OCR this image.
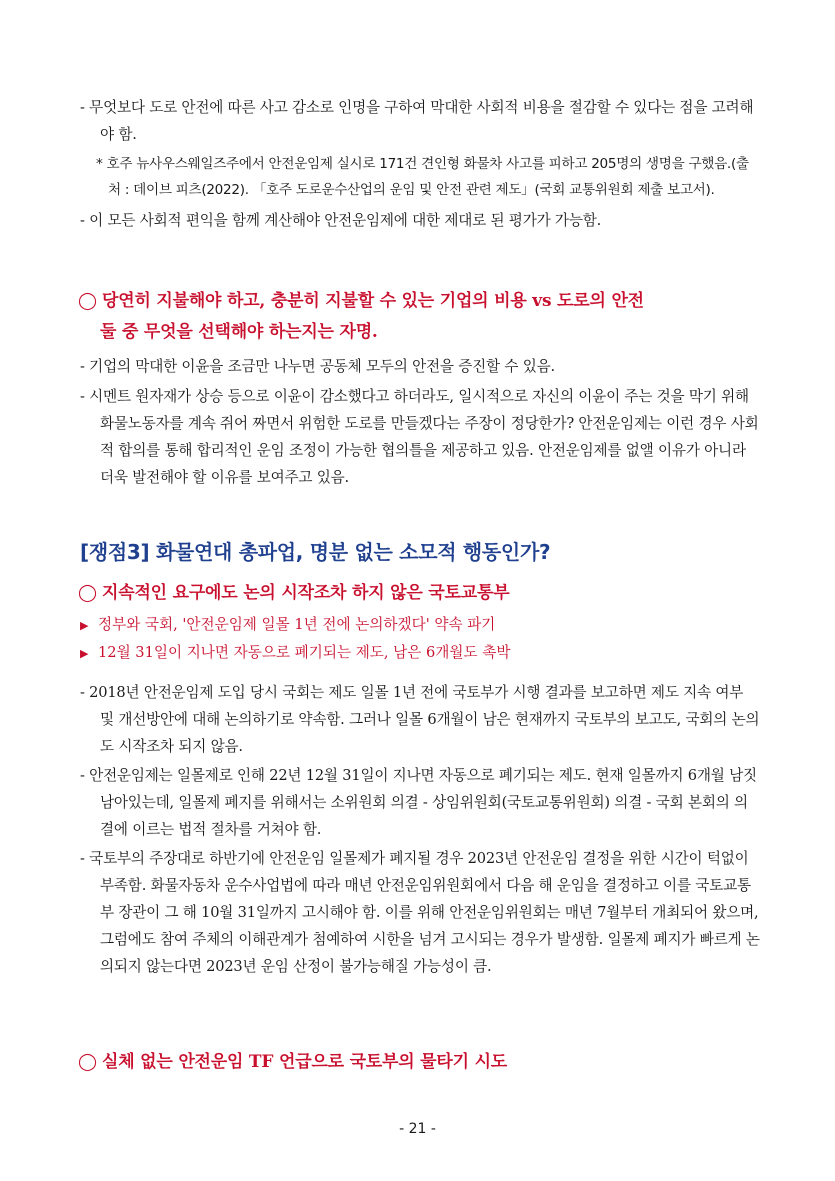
- 무엇보다 도로 안전에 따른 사고 감소로 인명을 구하여 막대한 사회적 비용을 절감할 수 있다는 점을 고려해야 함.

* 호주 뉴사우스웨일즈주에서 안전운임제 실시로 171건 견인형 화물차 사고를 피하고 205명의 생명을 구했음.(출처 : 데이브 피츠(2022). 「호주 도로운수산업의 운임 및 안전 관련 제도」(국회 교통위원회 제출 보고서).

- 이 모든 사회적 편익을 함께 계산해야 안전운임제에 대한 제대로 된 평가가 가능함.

◯ 당연히 지불해야 하고, 충분히 지불할 수 있는 기업의 비용 vs 도로의 안전
둘 중 무엇을 선택해야 하는지는 자명.

- 기업의 막대한 이윤을 조금만 나누면 공동체 모두의 안전을 증진할 수 있음.

- 시멘트 원자재가 상승 등으로 이윤이 감소했다고 하더라도, 일시적으로 자신의 이윤이 주는 것을 막기 위해 화물노동자를 계속 쥐어 짜면서 위험한 도로를 만들겠다는 주장이 정당한가? 안전운임제는 이런 경우 사회적 합의를 통해 합리적인 운임 조정이 가능한 협의틀을 제공하고 있음. 안전운임제를 없앨 이유가 아니라 더욱 발전해야 할 이유를 보여주고 있음.

[쟁점3] 화물연대 총파업, 명분 없는 소모적 행동인가?

◯ 지속적인 요구에도 논의 시작조차 하지 않은 국토교통부

▶ 정부와 국회, '안전운임제 일몰 1년 전에 논의하겠다' 약속 파기

▶ 12월 31일이 지나면 자동으로 폐기되는 제도, 남은 6개월도 촉박

- 2018년 안전운임제 도입 당시 국회는 제도 일몰 1년 전에 국토부가 시행 결과를 보고하면 제도 지속 여부 및 개선방안에 대해 논의하기로 약속함. 그러나 일몰 6개월이 남은 현재까지 국토부의 보고도, 국회의 논의도 시작조차 되지 않음.

- 안전운임제는 일몰제로 인해 22년 12월 31일이 지나면 자동으로 폐기되는 제도. 현재 일몰까지 6개월 남짓 남아있는데, 일몰제 폐지를 위해서는 소위원회 의결 - 상임위원회(국토교통위원회) 의결 - 국회 본회의 의결에 이르는 법적 절차를 거쳐야 함.

- 국토부의 주장대로 하반기에 안전운임 일몰제가 폐지될 경우 2023년 안전운임 결정을 위한 시간이 턱없이 부족함. 화물자동차 운수사업법에 따라 매년 안전운임위원회에서 다음 해 운임을 결정하고 이를 국토교통부 장관이 그 해 10월 31일까지 고시해야 함. 이를 위해 안전운임위원회는 매년 7월부터 개최되어 왔으며, 그럼에도 참여 주체의 이해관계가 첨예하여 시한을 넘겨 고시되는 경우가 발생함. 일몰제 폐지가 빠르게 논의되지 않는다면 2023년 운임 산정이 불가능해질 가능성이 큼.

◯ 실체 없는 안전운임 TF 언급으로 국토부의 물타기 시도

- 21 -
